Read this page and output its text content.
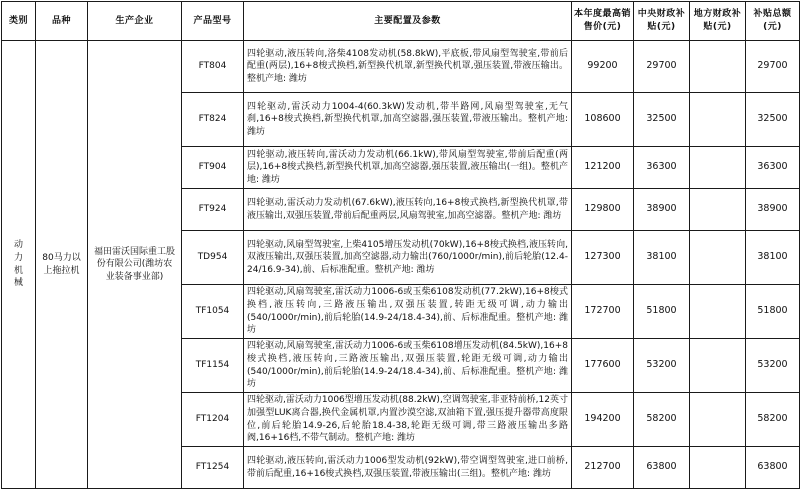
类别	品种	生产企业	产品型号	主要配置及参数	本年度最高销售价(元)	中央财政补贴(元)	地方财政补贴(元)	补贴总额(元)
动力机械	80马力以上拖拉机	福田雷沃国际重工股份有限公司(潍坊农业装备事业部)	FT804	四轮驱动,液压转向,洛柴4108发动机(58.8kW),平底板,带风扇型驾驶室,带前后配重(两层),16+8梭式换档,新型换代机罩,新型换代机罩,强压装置,带液压输出。整机产地: 潍坊	99200	29700		29700
			FT824	四轮驱动,雷沃动力1004-4(60.3kW)发动机,带半路网,风扇型驾驶室,无气刹,16+8梭式换档,新型换代机罩,加高空滤器,强压装置,带液压输出。整机产地: 潍坊	108600	32500		32500
			FT904	四轮驱动,液压转向,雷沃动力发动机(66.1kW),带风扇型驾驶室,带前后配重(两层),16+8梭式换档,新型换代机罩,加高空滤器,强压装置,液压输出(一组)。整机产地: 潍坊	121200	36300		36300
			FT924	四轮驱动,雷沃动力发动机(67.6kW),液压转向,16+8梭式换档,新型换代机罩,带液压输出,双强压装置,带前后配重两层,风扇驾驶室,加高空滤器。整机产地: 潍坊	129800	38900		38900
			TD954	四轮驱动,风扇型驾驶室,上柴4105增压发动机(70kW),16+8梭式换档,液压转向,双液压输出,双强压装置,加高空滤器,动力输出(760/1000r/min),前后轮胎(12.4-24/16.9-34),前、后标准配重。整机产地: 潍坊	127300	38100		38100
			TF1054	四轮驱动,风扇驾驶室,雷沃动力1006-6或玉柴6108发动机(77.2kW),16+8梭式换档,液压转向,三路液压输出,双强压装置,转距无级可调,动力输出(540/1000r/min),前后轮胎(14.9-24/18.4-34),前、后标准配重。整机产地: 潍坊	172700	51800		51800
			TF1154	四轮驱动,风扇驾驶室,雷沃动力1006-6或玉柴6108增压发动机(84.5kW),16+8梭式换档,液压转向,三路液压输出,双强压装置,轮距无级可调,动力输出(540/1000r/min),前后轮胎(14.9-24/18.4-34),前、后标准配重。整机产地: 潍坊	177600	53200		53200
			FT1204	四轮驱动,雷沃动力1006型增压发动机(88.2kW),空调驾驶室,非亚特前桥,12英寸加强型LUK离合器,换代金属机罩,内置沙漠空滤,双油箱下置,强压提升器带高度限位,前后轮胎14.9-26,后轮胎18.4-38,轮距无级可调,带三路液压输出多路阀,16+16档,不带气制动。整机产地: 潍坊	194200	58200		58200
			FT1254	四轮驱动,液压转向,雷沃动力1006型发动机(92kW),带空调型驾驶室,进口前桥,带前后配重,16+16梭式换档,双强压装置,带液压输出(三组)。整机产地: 潍坊	212700	63800		63800
